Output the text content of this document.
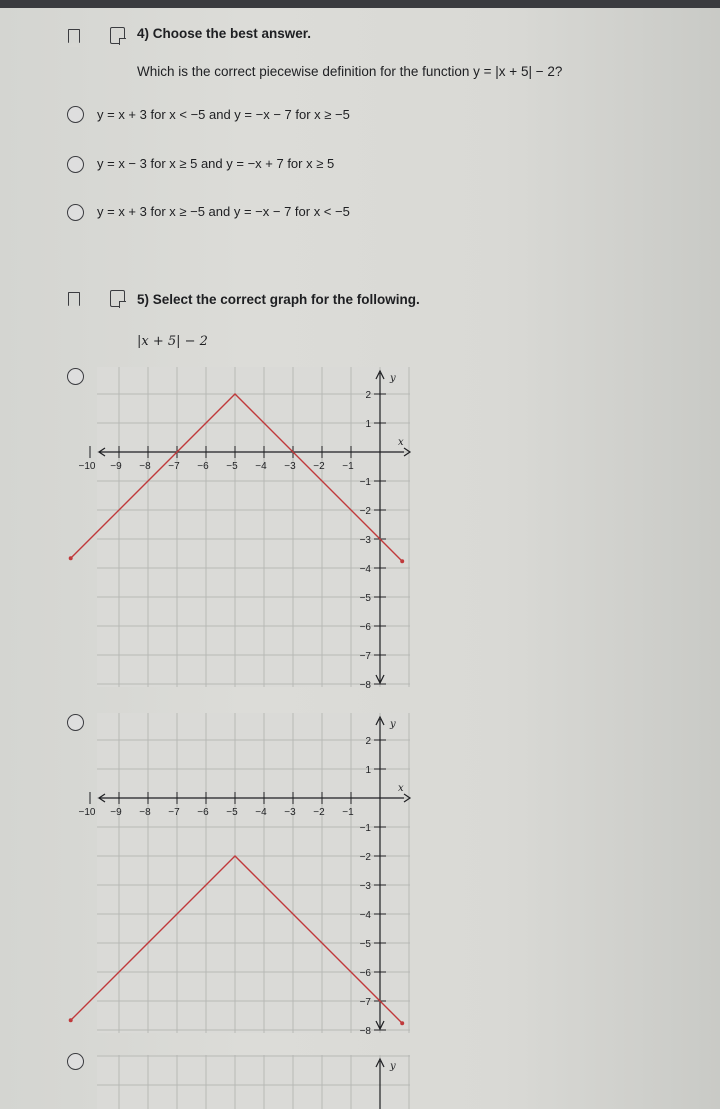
4) Choose the best answer.
Which is the correct piecewise definition for the function y = |x + 5| − 2?
y = x + 3 for x < −5 and y = −x − 7 for x ≥ −5
y = x − 3 for x ≥ 5 and y = −x + 7 for x ≥ 5
y = x + 3 for x ≥ −5 and y = −x − 7 for x < −5
5) Select the correct graph for the following.
|x + 5| − 2
−10 −9 −8 −7 −6 −5 −4 −3 −2 −1
x
y
2
1
−1
−2
−3
−4
−5
−6
−7
−8
−10 −9 −8 −7 −6 −5 −4 −3 −2 −1
x
y
2
1
−1
−2
−3
−4
−5
−6
−7
−8
y
